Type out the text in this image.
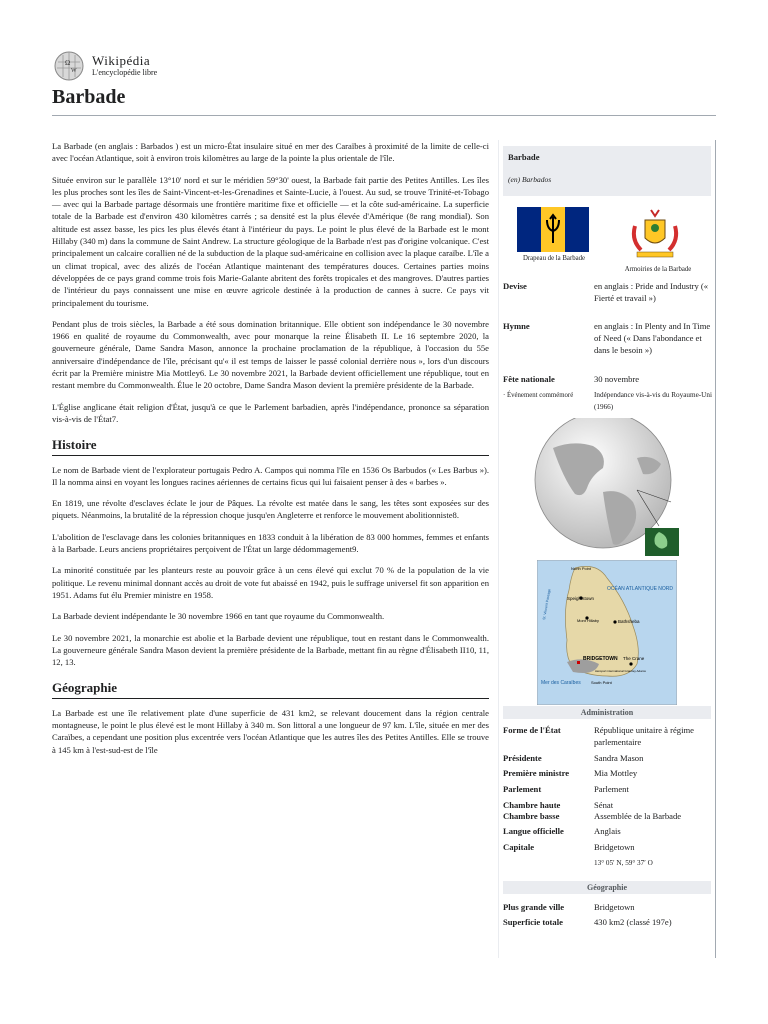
Ω
W
Wikipédia
L'encyclopédie libre
Barbade

La Barbade (en anglais : Barbados ) est un micro-État insulaire situé en mer des Caraïbes à proximité de la limite de celle-ci avec l'océan Atlantique, soit à environ trois kilomètres au large de la pointe la plus orientale de l'île.

Située environ sur le parallèle 13°10' nord et sur le méridien 59°30' ouest, la Barbade fait partie des Petites Antilles. Les îles les plus proches sont les îles de Saint-Vincent-et-les-Grenadines et Sainte-Lucie, à l'ouest. Au sud, se trouve Trinité-et-Tobago — avec qui la Barbade partage désormais une frontière maritime fixe et officielle — et la côte sud-américaine. La superficie totale de la Barbade est d'environ 430 kilomètres carrés ; sa densité est la plus élevée d'Amérique (8e rang mondial). Son altitude est assez basse, les pics les plus élevés étant à l'intérieur du pays. Le point le plus élevé de la Barbade est le mont Hillaby (340 m) dans la commune de Saint Andrew. La structure géologique de la Barbade n'est pas d'origine volcanique. C'est principalement un calcaire corallien né de la subduction de la plaque sud-américaine en collision avec la plaque caraïbe. L'île a un climat tropical, avec des alizés de l'océan Atlantique maintenant des températures douces. Certaines parties moins développées de ce pays grand comme trois fois Marie-Galante abritent des forêts tropicales et des mangroves. D'autres parties de l'intérieur du pays connaissent une mise en œuvre agricole destinée à la production de cannes à sucre. Ce pays vit principalement du tourisme.

Pendant plus de trois siècles, la Barbade a été sous domination britannique. Elle obtient son indépendance le 30 novembre 1966 en qualité de royaume du Commonwealth, avec pour monarque la reine Élisabeth II. Le 16 septembre 2020, la gouverneure générale, Dame Sandra Mason, annonce la prochaine proclamation de la république, à l'occasion du 55e anniversaire d'indépendance de l'île, précisant qu'« il est temps de laisser le passé colonial derrière nous », lors d'un discours écrit par la Première ministre Mia Mottley6. Le 30 novembre 2021, la Barbade devient officiellement une république, tout en restant membre du Commonwealth. Élue le 20 octobre, Dame Sandra Mason devient la première présidente de la Barbade.

L'Église anglicane était religion d'État, jusqu'à ce que le Parlement barbadien, après l'indépendance, prononce sa séparation vis-à-vis de l'État7.

Histoire

Le nom de Barbade vient de l'explorateur portugais Pedro A. Campos qui nomma l'île en 1536 Os Barbudos (« Les Barbus »). Il la nomma ainsi en voyant les longues racines aériennes de certains ficus qui lui faisaient penser à des « barbes ».

En 1819, une révolte d'esclaves éclate le jour de Pâques. La révolte est matée dans le sang, les têtes sont exposées sur des piquets. Néanmoins, la brutalité de la répression choque jusqu'en Angleterre et renforce le mouvement abolitionniste8.

L'abolition de l'esclavage dans les colonies britanniques en 1833 conduit à la libération de 83 000 hommes, femmes et enfants à la Barbade. Leurs anciens propriétaires perçoivent de l'État un large dédommagement9.

La minorité constituée par les planteurs reste au pouvoir grâce à un cens élevé qui exclut 70 % de la population de la vie politique. Le revenu minimal donnant accès au droit de vote fut abaissé en 1942, puis le suffrage universel fit son apparition en 1951. Adams fut élu Premier ministre en 1958.

La Barbade devient indépendante le 30 novembre 1966 en tant que royaume du Commonwealth.

Le 30 novembre 2021, la monarchie est abolie et la Barbade devient une république, tout en restant dans le Commonwealth. La gouverneure générale Sandra Mason devient la première présidente de la Barbade, mettant fin au règne d'Élisabeth II10, 11, 12, 13.

Géographie

La Barbade est une île relativement plate d'une superficie de 431 km2, se relevant doucement dans la région centrale montagneuse, le point le plus élevé est le mont Hillaby à 340 m. Son littoral a une longueur de 97 km. L'île, située en mer des Caraïbes, a cependant une position plus excentrée vers l'océan Atlantique que les autres îles des Petites Antilles. Elle se trouve à 145 km à l'est-sud-est de l'île

Barbade
(en) Barbados
Drapeau de la Barbade
Armoiries de la Barbade
Devise	en anglais : Pride and Industry (« Fierté et travail »)
Hymne	en anglais : In Plenty and In Time of Need (« Dans l'abondance et dans le besoin »)
Fête nationale	30 novembre
· Événement commémoré	Indépendance vis-à-vis du Royaume-Uni (1966)
North Point
OCÉAN ATLANTIQUE NORD
Speightstown
Mont Hillaby	Bathsheba
BRIDGETOWN The Crane
Aéroport international Grantley Adams
Mer des Caraïbes	South Point
St. Vincent Passage
Administration
Forme de l'État	République unitaire à régime parlementaire
Présidente	Sandra Mason
Première ministre	Mia Mottley
Parlement	Parlement
Chambre haute	Sénat
Chambre basse	Assemblée de la Barbade
Langue officielle	Anglais
Capitale	Bridgetown
13° 05′ N, 59° 37′ O
Géographie
Plus grande ville	Bridgetown
Superficie totale	430 km2 (classé 197e)
